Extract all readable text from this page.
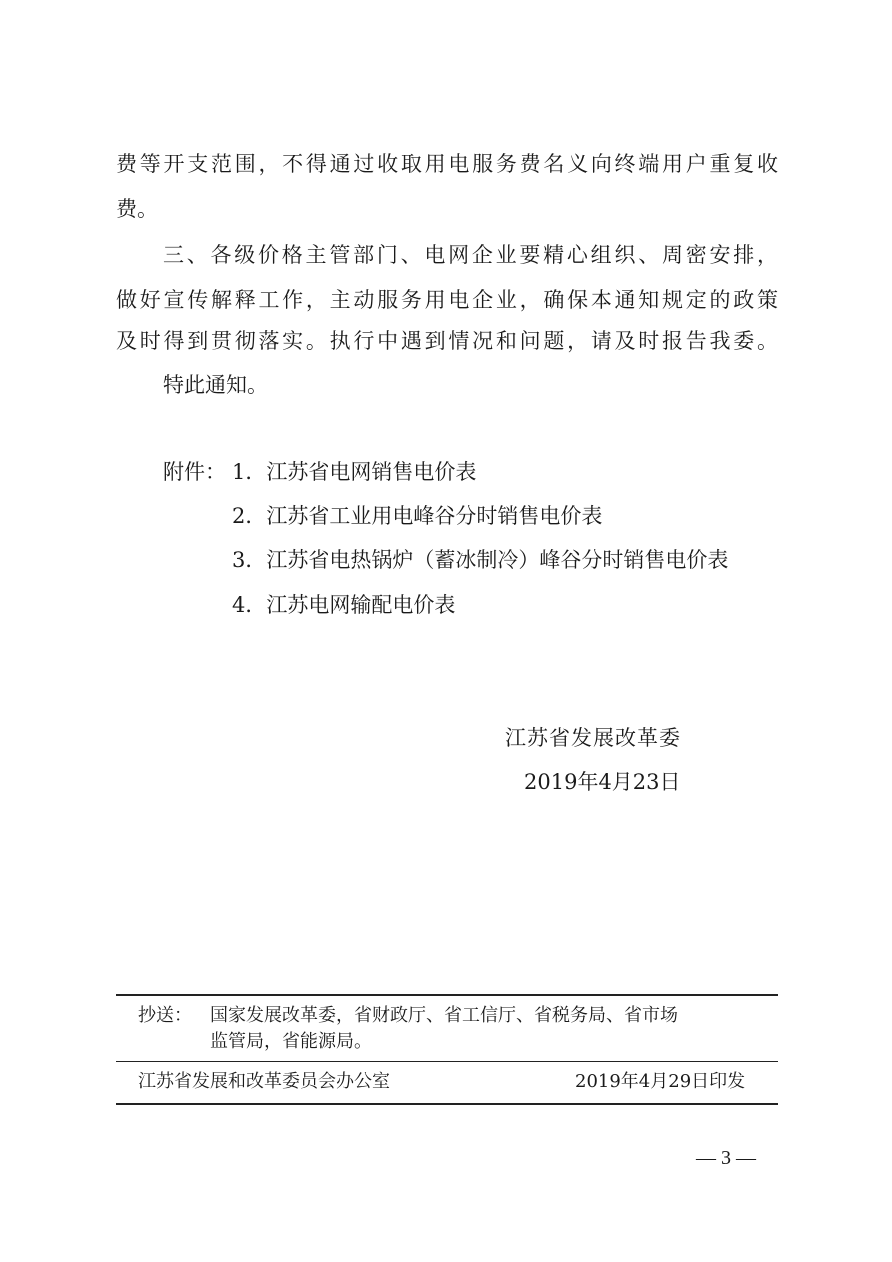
费等开支范围，不得通过收取用电服务费名义向终端用户重复收
费。
三、各级价格主管部门、电网企业要精心组织、周密安排，
做好宣传解释工作，主动服务用电企业，确保本通知规定的政策
及时得到贯彻落实。执行中遇到情况和问题，请及时报告我委。
特此通知。
附件： 1．江苏省电网销售电价表
2．江苏省工业用电峰谷分时销售电价表
3．江苏省电热锅炉（蓄冰制冷）峰谷分时销售电价表
4．江苏电网输配电价表
江苏省发展改革委
2019年4月23日
抄送： 国家发展改革委，省财政厅、省工信厅、省税务局、省市场
监管局，省能源局。
江苏省发展和改革委员会办公室	2019年4月29日印发
— 3 —
